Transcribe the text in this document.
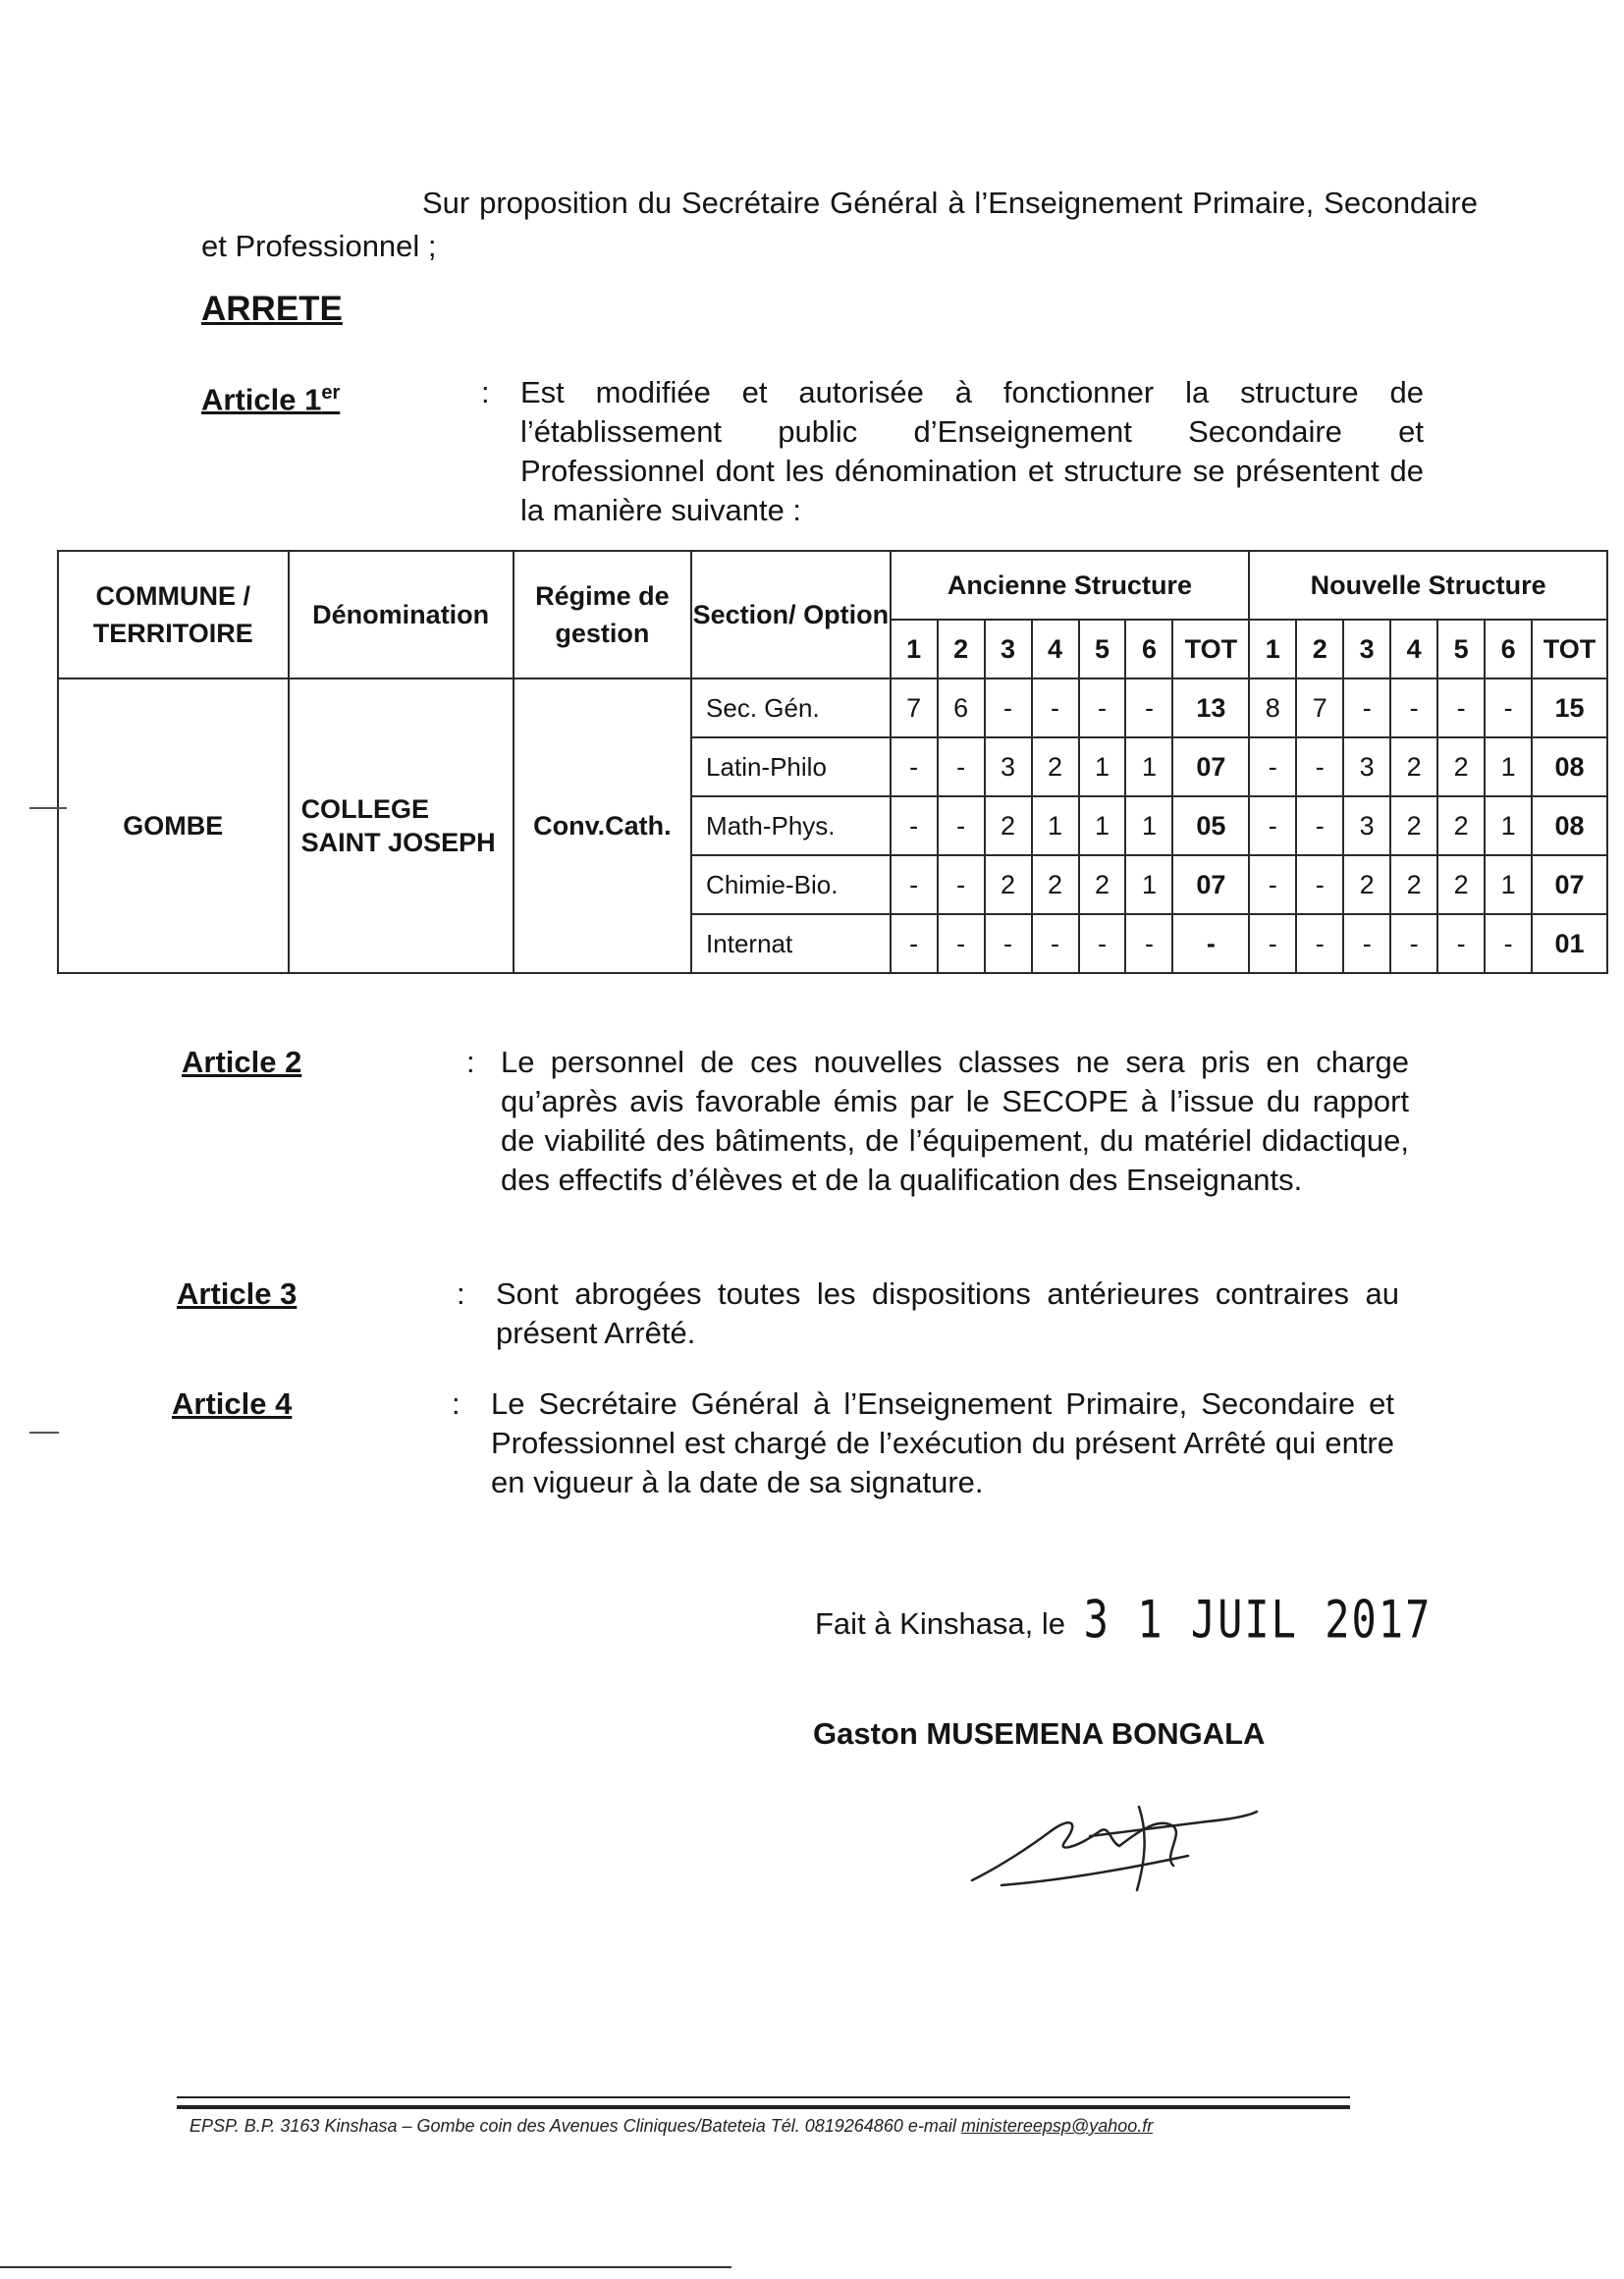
Sur proposition du Secrétaire Général à l’Enseignement Primaire, Secondaire et Professionnel ;

ARRETE
Article 1er	: Est modifiée et autorisée à fonctionner la structure de l’établissement public d’Enseignement Secondaire et Professionnel dont les dénomination et structure se présentent de la manière suivante :
COMMUNE / TERRITOIRE	Dénomination	Régime de gestion	Section/ Option	Ancienne Structure							Nouvelle Structure						
				1	2	3	4	5	6	TOT	1	2	3	4	5	6	TOT
GOMBE	COLLEGE SAINT JOSEPH	Conv.Cath.	Sec. Gén.	7	6	-	-	-	-	13	8	7	-	-	-	-	15
			Latin-Philo	-	-	3	2	1	1	07	-	-	3	2	2	1	08
			Math-Phys.	-	-	2	1	1	1	05	-	-	3	2	2	1	08
			Chimie-Bio.	-	-	2	2	2	1	07	-	-	2	2	2	1	07
			Internat	-	-	-	-	-	-	-	-	-	-	-	-	-	01
Article 2	: Le personnel de ces nouvelles classes ne sera pris en charge qu’après avis favorable émis par le SECOPE à l’issue du rapport de viabilité des bâtiments, de l’équipement, du matériel didactique, des effectifs d’élèves et de la qualification des Enseignants.
Article 3	: Sont abrogées toutes les dispositions antérieures contraires au présent Arrêté.
Article 4	: Le Secrétaire Général à l’Enseignement Primaire, Secondaire et Professionnel est chargé de l’exécution du présent Arrêté qui entre en vigueur à la date de sa signature.
Fait à Kinshasa, le 3 1 JUIL 2017
Gaston MUSEMENA BONGALA
EPSP. B.P. 3163 Kinshasa – Gombe coin des Avenues Cliniques/Bateteia Tél. 0819264860 e-mail ministereepsp@yahoo.fr
